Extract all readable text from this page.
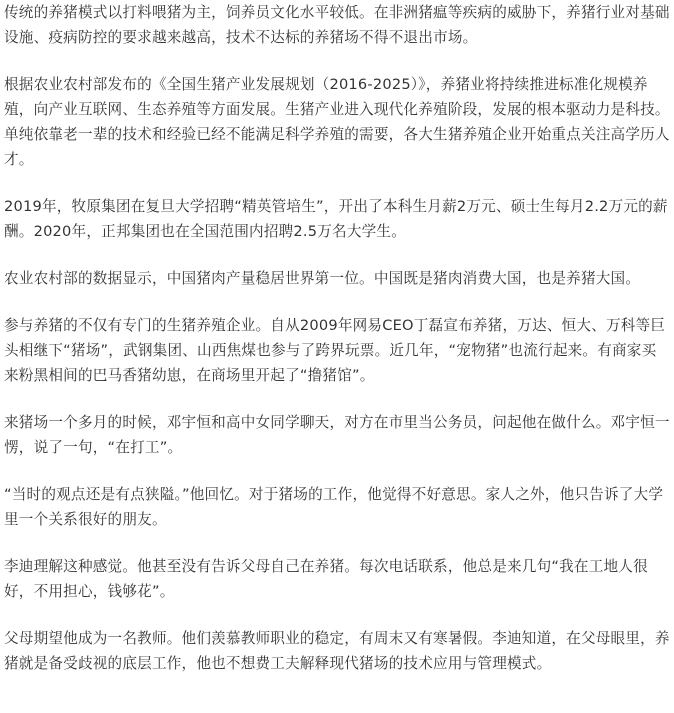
传统的养猪模式以打料喂猪为主，饲养员文化水平较低。在非洲猪瘟等疾病的威胁下，养猪行业对基础设施、疫病防控的要求越来越高，技术不达标的养猪场不得不退出市场。

根据农业农村部发布的《全国生猪产业发展规划（2016-2025）》，养猪业将持续推进标准化规模养殖，向产业互联网、生态养殖等方面发展。生猪产业进入现代化养殖阶段，发展的根本驱动力是科技。单纯依靠老一辈的技术和经验已经不能满足科学养殖的需要，各大生猪养殖企业开始重点关注高学历人才。

2019年，牧原集团在复旦大学招聘“精英管培生”，开出了本科生月薪2万元、硕士生每月2.2万元的薪酬。2020年，正邦集团也在全国范围内招聘2.5万名大学生。

农业农村部的数据显示，中国猪肉产量稳居世界第一位。中国既是猪肉消费大国，也是养猪大国。

参与养猪的不仅有专门的生猪养殖企业。自从2009年网易CEO丁磊宣布养猪，万达、恒大、万科等巨头相继下“猪场”，武钢集团、山西焦煤也参与了跨界玩票。近几年，“宠物猪”也流行起来。有商家买来粉黑相间的巴马香猪幼崽，在商场里开起了“撸猪馆”。

来猪场一个多月的时候，邓宇恒和高中女同学聊天，对方在市里当公务员，问起他在做什么。邓宇恒一愣，说了一句，“在打工”。

“当时的观点还是有点狭隘。”他回忆。对于猪场的工作，他觉得不好意思。家人之外，他只告诉了大学里一个关系很好的朋友。

李迪理解这种感觉。他甚至没有告诉父母自己在养猪。每次电话联系，他总是来几句“我在工地人很好，不用担心，钱够花”。

父母期望他成为一名教师。他们羡慕教师职业的稳定，有周末又有寒暑假。李迪知道，在父母眼里，养猪就是备受歧视的底层工作，他也不想费工夫解释现代猪场的技术应用与管理模式。
